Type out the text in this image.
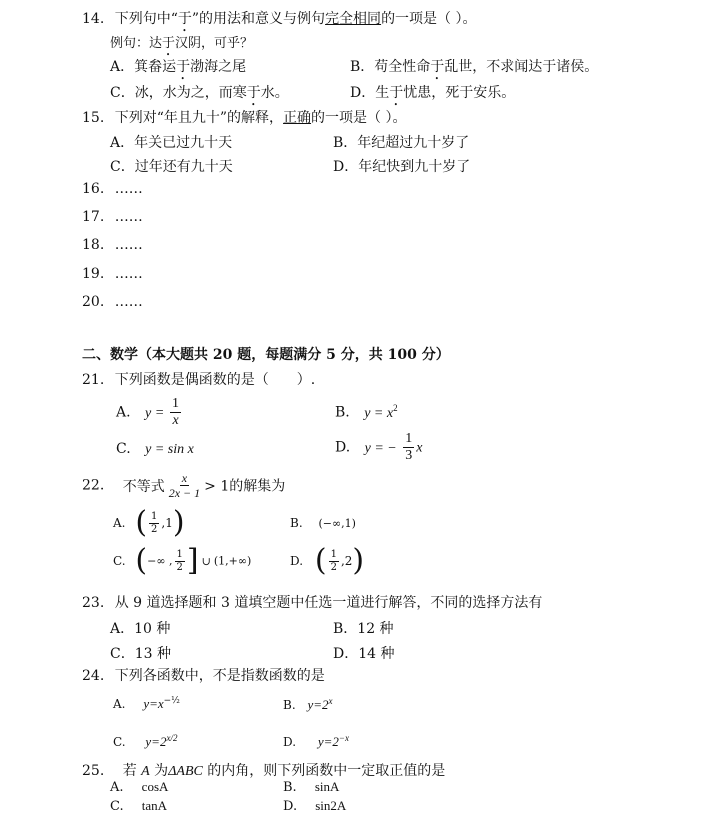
14. 下列句中“于”的用法和意义与例句完全相同的一项是（ ）。
例句：达于汉阴，可乎？
A．箕畚运于渤海之尾	B．苟全性命于乱世，不求闻达于诸侯。
C．冰，水为之，而寒于水。	D．生于忧患，死于安乐。
15. 下列对“年且九十”的解释，正确的一项是（ ）。
A．年关已过九十天	B．年纪超过九十岁了
C．过年还有九十天	D．年纪快到九十岁了
16. ……
17. ……
18. ……
19. ……
20. ……
二、数学（本大题共 20 题，每题满分 5 分，共 100 分）
21. 下列函数是偶函数的是（　　）.
A. $y = \frac{1}{x}$	B. $y = x^2$
C. y = sin x	D. y = − $\frac{1}{3}$ x
22. 不等式 $\frac{x}{2x - 1} > 1$的解集为
A. ( $\frac{1}{2} ,1$)	B. (−∞,1)
C. (−∞ , $\frac{1}{2}$ ] ∪ (1,+∞)	D. ( $\frac{1}{2} ,2$)
23. 从 9 道选择题和 3 道填空题中任选一道进行解答，不同的选择方法有
A．10 种	B．12 种
C．13 种	D．14 种
24. 下列各函数中，不是指数函数的是
A. $y=x^{-\frac{1}{2}}$	B. $y=2^x$
C. $y=2^{x/2}$	D. $y=2^{-x}$
25. 若 A 为ΔABC 的内角，则下列函数中一定取正值的是
A. cosA	B. sinA
C. tanA	D. sin2A
